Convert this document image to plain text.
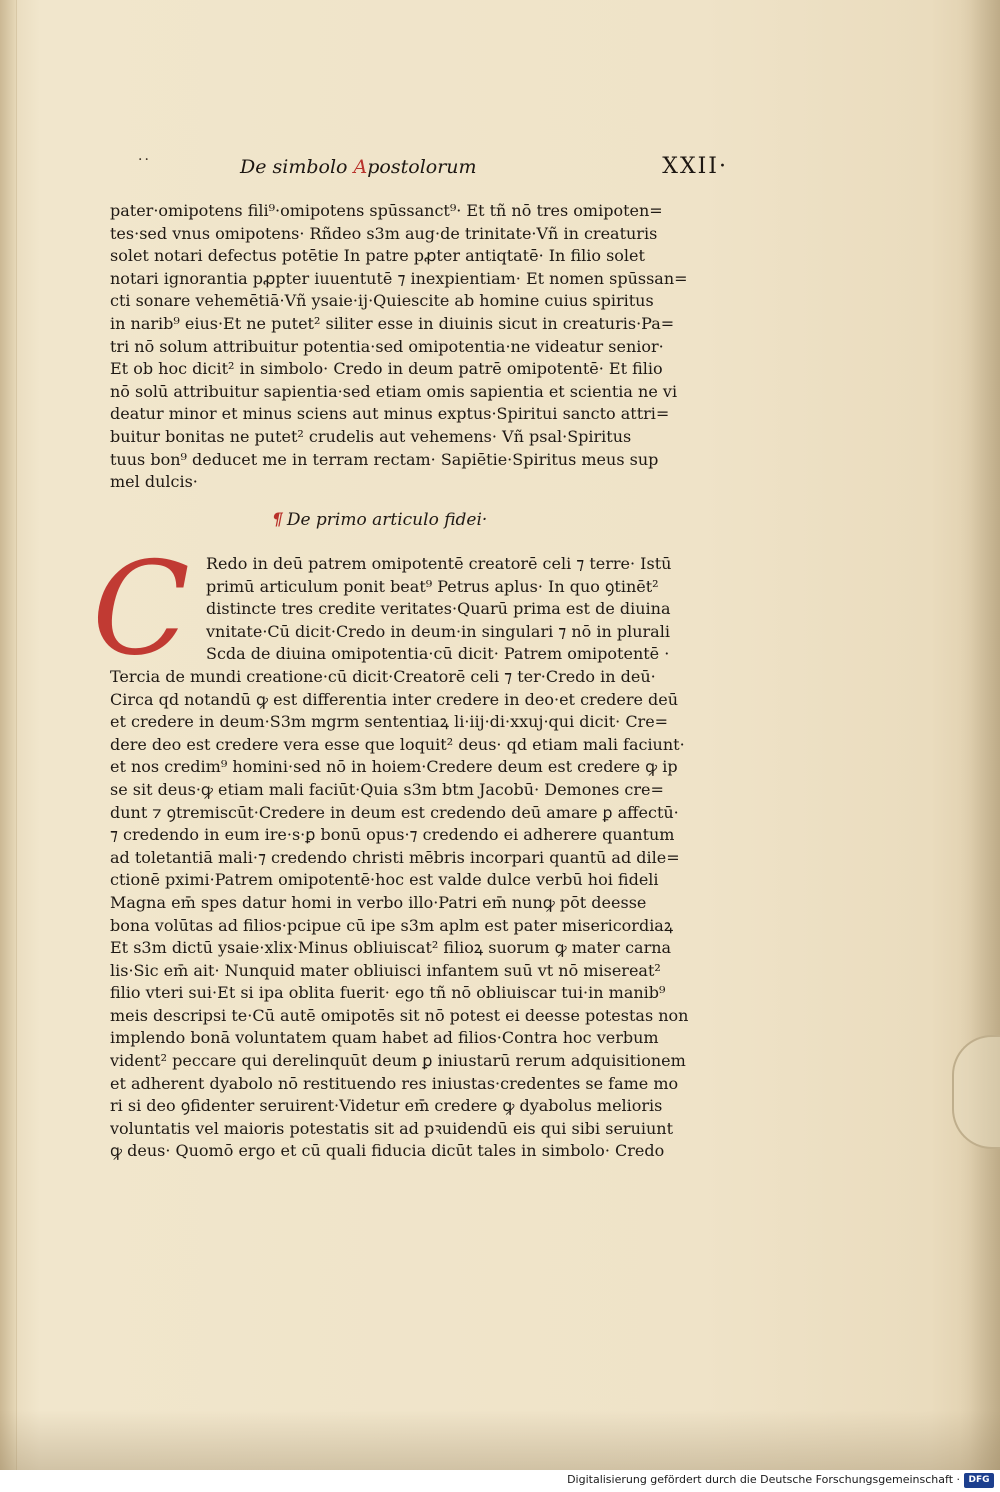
··	De simbolo Apostolorum	XXII·
pater·omipotens fili⁹·omipotens spūssanct⁹· Et tñ nō tres omipoten=
tes·sed vnus omipotens· Rñdeo s3m aug·de trinitate·Vñ in creaturis
solet notari defectus potētie In patre pꝓter antiqtatē· In filio solet
notari ignorantia pꝓpter iuuentutē ⁊ inexpientiam· Et nomen spūssan=
cti sonare vehemētiā·Vñ ysaie·ij·Quiescite ab homine cuius spiritus
in narib⁹ eius·Et ne putet² siliter esse in diuinis sicut in creaturis·Pa=
tri nō solum attribuitur potentia·sed omipotentia·ne videatur senior·
Et ob hoc dicit² in simbolo· Credo in deum patrē omipotentē· Et filio
nō solū attribuitur sapientia·sed etiam omis sapientia et scientia ne vi
deatur minor et minus sciens aut minus exptus·Spiritui sancto attri=
buitur bonitas ne putet² crudelis aut vehemens· Vñ psal·Spiritus
tuus bon⁹ deducet me in terram rectam· Sapiētie·Spiritus meus sup
mel dulcis·
¶ De primo articulo fidei·
C	Redo in deū patrem omipotentē creatorē celi ⁊ terre· Istū
primū articulum ponit beat⁹ Petrus aplus· In quo ꝯtinēt²
distincte tres credite veritates·Quarū prima est de diuina
vnitate·Cū dicit·Credo in deum·in singulari ⁊ nō in plurali
Scda de diuina omipotentia·cū dicit· Patrem omipotentē ·
Tercia de mundi creatione·cū dicit·Creatorē celi ⁊ ter·Credo in deū·
Circa qd notandū ꝙ est differentia inter credere in deo·et credere deū
et credere in deum·S3m mgrm sententiaꝝ li·iij·di·xxuj·qui dicit· Cre=
dere deo est credere vera esse que loquit² deus· qd etiam mali faciunt·
et nos credim⁹ homini·sed nō in hoiem·Credere deum est credere ꝙ ip
se sit deus·ꝙ etiam mali faciūt·Quia s3m btm Jacobū· Demones cre=
dunt ⁊ ꝯtremiscūt·Credere in deum est credendo deū amare ꝑ affectū·
⁊ credendo in eum ire·s·ꝑ bonū opus·⁊ credendo ei adherere quantum
ad toletantiā mali·⁊ credendo christi mēbris incorpari quantū ad dile=
ctionē pximi·Patrem omipotentē·hoc est valde dulce verbū hoi fideli
Magna em̄ spes datur homi in verbo illo·Patri em̄ nunꝙ pōt deesse
bona volūtas ad filios·pcipue cū ipe s3m aplm est pater misericordiaꝝ
Et s3m dictū ysaie·xlix·Minus obliuiscat² filioꝝ suorum ꝙ mater carna
lis·Sic em̄ ait· Nunquid mater obliuisci infantem suū vt nō misereat²
filio vteri sui·Et si ipa oblita fuerit· ego tñ nō obliuiscar tui·in manib⁹
meis descripsi te·Cū autē omipotēs sit nō potest ei deesse potestas non
implendo bonā voluntatem quam habet ad filios·Contra hoc verbum
vident² peccare qui derelinquūt deum ꝑ iniustarū rerum adquisitionem
et adherent dyabolo nō restituendo res iniustas·credentes se fame mo
ri si deo ꝯfidenter seruirent·Videtur em̄ credere ꝙ dyabolus melioris
voluntatis vel maioris potestatis sit ad pꝛuidendū eis qui sibi seruiunt
ꝙ deus· Quomō ergo et cū quali fiducia dicūt tales in simbolo· Credo
Digitalisierung gefördert durch die Deutsche Forschungsgemeinschaft · DFG
